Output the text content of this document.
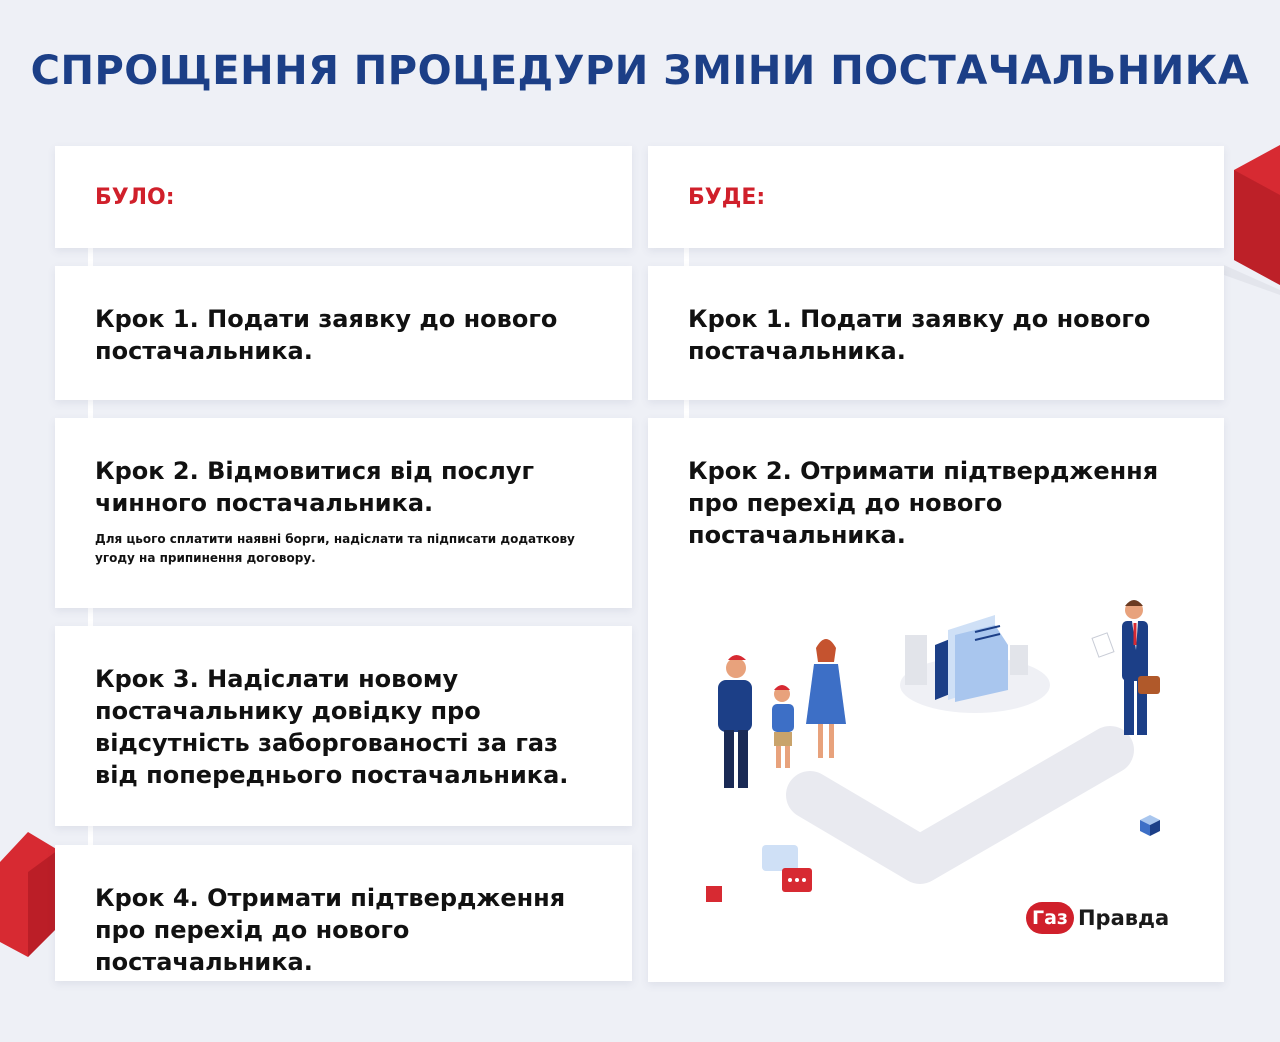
СПРОЩЕННЯ ПРОЦЕДУРИ ЗМІНИ ПОСТАЧАЛЬНИКА
БУЛО:
Крок 1. Подати заявку до нового постачальника.
Крок 2. Відмовитися від послуг чинного постачальника.
Для цього сплатити наявні борги, надіслати та підписати додаткову угоду на припинення договору.
Крок 3. Надіслати новому постачальнику довідку про відсутність заборгованості за газ від попереднього постачальника.
Крок 4. Отримати підтвердження про перехід до нового постачальника.
БУДЕ:
Крок 1. Подати заявку до нового постачальника.
Крок 2. Отримати підтвердження про перехід до нового постачальника.
Газ Правда
